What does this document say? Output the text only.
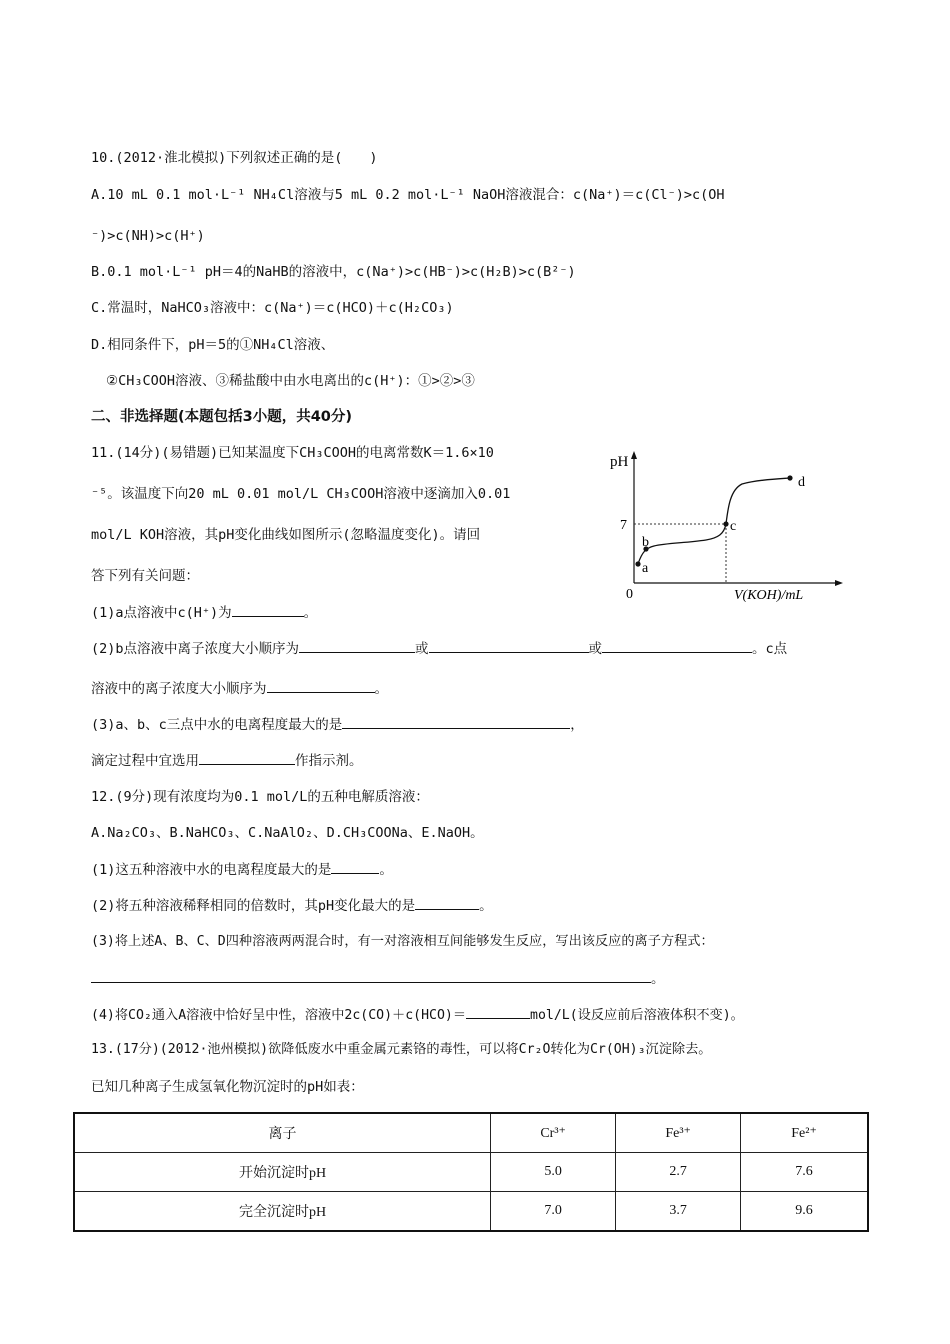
10.(2012·淮北模拟)下列叙述正确的是(　　)
A.10 mL 0.1 mol·L⁻¹ NH₄Cl溶液与5 mL 0.2 mol·L⁻¹ NaOH溶液混合：c(Na⁺)＝c(Cl⁻)>c(OH
⁻)>c(NH)>c(H⁺)
B.0.1 mol·L⁻¹ pH＝4的NaHB的溶液中，c(Na⁺)>c(HB⁻)>c(H₂B)>c(B²⁻)
C.常温时，NaHCO₃溶液中：c(Na⁺)＝c(HCO)＋c(H₂CO₃)
D.相同条件下，pH＝5的①NH₄Cl溶液、
②CH₃COOH溶液、③稀盐酸中由水电离出的c(H⁺)：①>②>③
二、非选择题(本题包括3小题，共40分)
11.(14分)(易错题)已知某温度下CH₃COOH的电离常数K＝1.6×10
⁻⁵。该温度下向20 mL 0.01 mol/L CH₃COOH溶液中逐滴加入0.01
mol/L KOH溶液，其pH变化曲线如图所示(忽略温度变化)。请回
答下列有关问题：
pH
7
0	V(KOH)/mL
a
b
c
d
(1)a点溶液中c(H⁺)为	。
(2)b点溶液中离子浓度大小顺序为	或	或	。c点
溶液中的离子浓度大小顺序为	。
(3)a、b、c三点中水的电离程度最大的是	，
滴定过程中宜选用	作指示剂。
12.(9分)现有浓度均为0.1 mol/L的五种电解质溶液：
A.Na₂CO₃、B.NaHCO₃、C.NaAlO₂、D.CH₃COONa、E.NaOH。
(1)这五种溶液中水的电离程度最大的是	。
(2)将五种溶液稀释相同的倍数时，其pH变化最大的是	。
(3)将上述A、B、C、D四种溶液两两混合时，有一对溶液相互间能够发生反应，写出该反应的离子方程式：
。
(4)将CO₂通入A溶液中恰好呈中性，溶液中2c(CO)＋c(HCO)＝	mol/L(设反应前后溶液体积不变)。
13.(17分)(2012·池州模拟)欲降低废水中重金属元素铬的毒性，可以将Cr₂O转化为Cr(OH)₃沉淀除去。
已知几种离子生成氢氧化物沉淀时的pH如表：
离子	Cr³⁺	Fe³⁺	Fe²⁺
开始沉淀时pH	5.0	2.7	7.6
完全沉淀时pH	7.0	3.7	9.6
